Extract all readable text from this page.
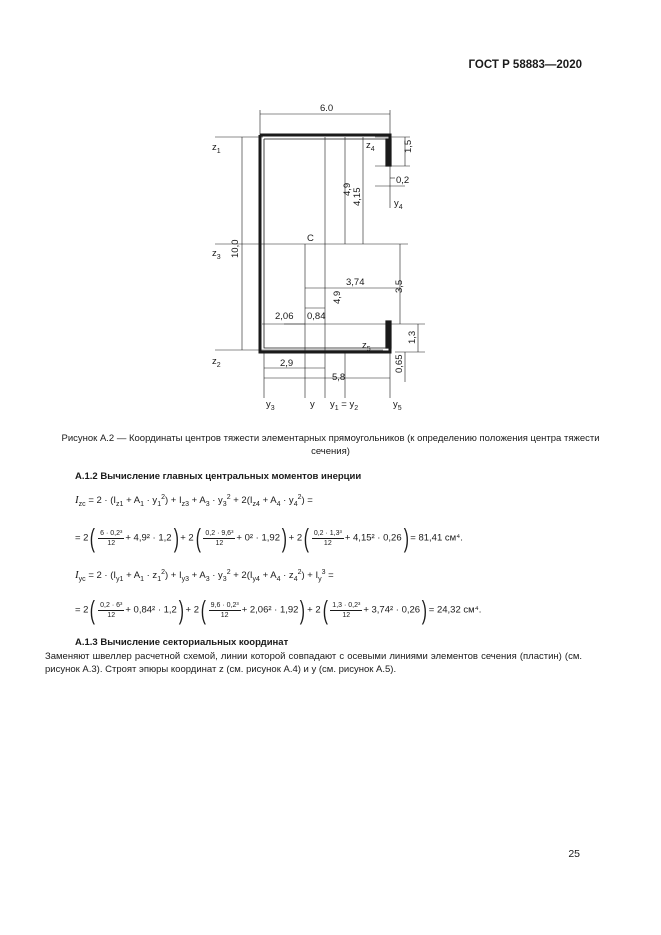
ГОСТ Р 58883—2020
6.0
$z_1$
$z_3$
$z_2$
$z_4$
$z_5$
1,5
0,2
$y_4$
4,9 4,15
C
10,0
3,74	3,5
4,9
2,06 0,84
1,3
0,65
2,9
5,8
$y_3$	y $y_1 = y_2$	$y_5$
Рисунок А.2 — Координаты центров тяжести элементарных прямоугольников (к определению положения центра тяжести сечения)
А.1.2 Вычисление главных центральных моментов инерции
$I_{zc} = 2 \cdot (I_{z1} + A_1 \cdot y_1^2) + I_{z3} + A_3 \cdot y_3^2 + 2(I_{z4} + A_4 \cdot y_4^2)$ =
= $2( \frac{\text{6 · 0,2³}}{12} + 4,9^2 \cdot 1,2) + 2( \frac{\text{0,2 · 9,6³}}{12} + 0^2 \cdot 1,92) + 2( \frac{\text{0,2 · 1,3³}}{12} + 4,15^2 \cdot 0,26) = 81,41$ см⁴.
$I_{yc} = 2 \cdot (I_{y1} + A_1 \cdot z_1^2) + I_{y3} + A_3 \cdot y_3^2 + 2(I_{y4} + A_4 \cdot z_4^2) + I_y^3$ =
= $2( \frac{\text{0,2 · 6³}}{12} + 0,84^2 \cdot 1,2) + 2( \frac{\text{9,6 · 0,2³}}{12} + 2,06^2 \cdot 1,92) + 2( \frac{\text{1,3 · 0,2³}}{12} + 3,74^2 \cdot 0,26) = 24,32$ см⁴.
А.1.3 Вычисление секториальных координат
Заменяют швеллер расчетной схемой, линии которой совпадают с осевыми линиями элементов сечения (пластин) (см. рисунок А.3). Строят эпюры координат z (см. рисунок А.4) и y (см. рисунок А.5).
25
